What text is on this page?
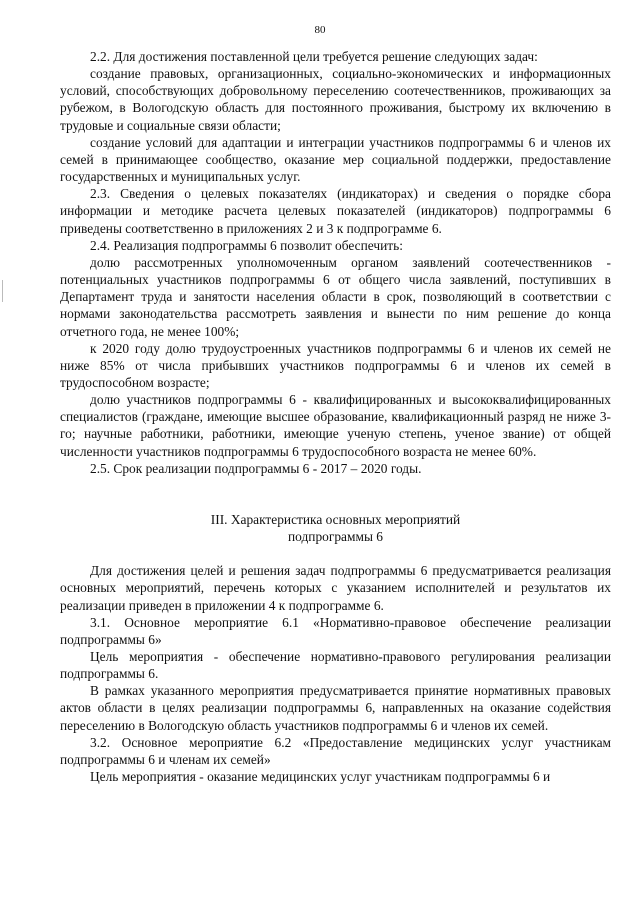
80

2.2. Для достижения поставленной цели требуется решение следующих задач:

создание правовых, организационных, социально-экономических и информационных условий, способствующих добровольному переселению соотечественников, проживающих за рубежом, в Вологодскую область для постоянного проживания, быстрому их включению в трудовые и социальные связи области;

создание условий для адаптации и интеграции участников подпрограммы 6 и членов их семей в принимающее сообщество, оказание мер социальной поддержки, предоставление государственных и муниципальных услуг.

2.3. Сведения о целевых показателях (индикаторах) и сведения о порядке сбора информации и методике расчета целевых показателей (индикаторов) подпрограммы 6 приведены соответственно в приложениях 2 и 3 к подпрограмме 6.

2.4. Реализация подпрограммы 6 позволит обеспечить:

долю рассмотренных уполномоченным органом заявлений соотечественников - потенциальных участников подпрограммы 6 от общего числа заявлений, поступивших в Департамент труда и занятости населения области в срок, позволяющий в соответствии с нормами законодательства рассмотреть заявления и вынести по ним решение до конца отчетного года, не менее 100%;

к 2020 году долю трудоустроенных участников подпрограммы 6 и членов их семей не ниже 85% от числа прибывших участников подпрограммы 6 и членов их семей в трудоспособном возрасте;

долю участников подпрограммы 6 - квалифицированных и высококвалифицированных специалистов (граждане, имеющие высшее образование, квалификационный разряд не ниже 3-го; научные работники, работники, имеющие ученую степень, ученое звание) от общей численности участников подпрограммы 6 трудоспособного возраста не менее 60%.

2.5. Срок реализации подпрограммы 6 - 2017 – 2020 годы.

III. Характеристика основных мероприятий

подпрограммы 6

Для достижения целей и решения задач подпрограммы 6 предусматривается реализация основных мероприятий, перечень которых с указанием исполнителей и результатов их реализации приведен в приложении 4 к подпрограмме 6.

3.1. Основное мероприятие 6.1 «Нормативно-правовое обеспечение реализации подпрограммы 6»

Цель мероприятия - обеспечение нормативно-правового регулирования реализации подпрограммы 6.

В рамках указанного мероприятия предусматривается принятие нормативных правовых актов области в целях реализации подпрограммы 6, направленных на оказание содействия переселению в Вологодскую область участников подпрограммы 6 и членов их семей.

3.2. Основное мероприятие 6.2 «Предоставление медицинских услуг участникам подпрограммы 6 и членам их семей»

Цель мероприятия - оказание медицинских услуг участникам подпрограммы 6 и
